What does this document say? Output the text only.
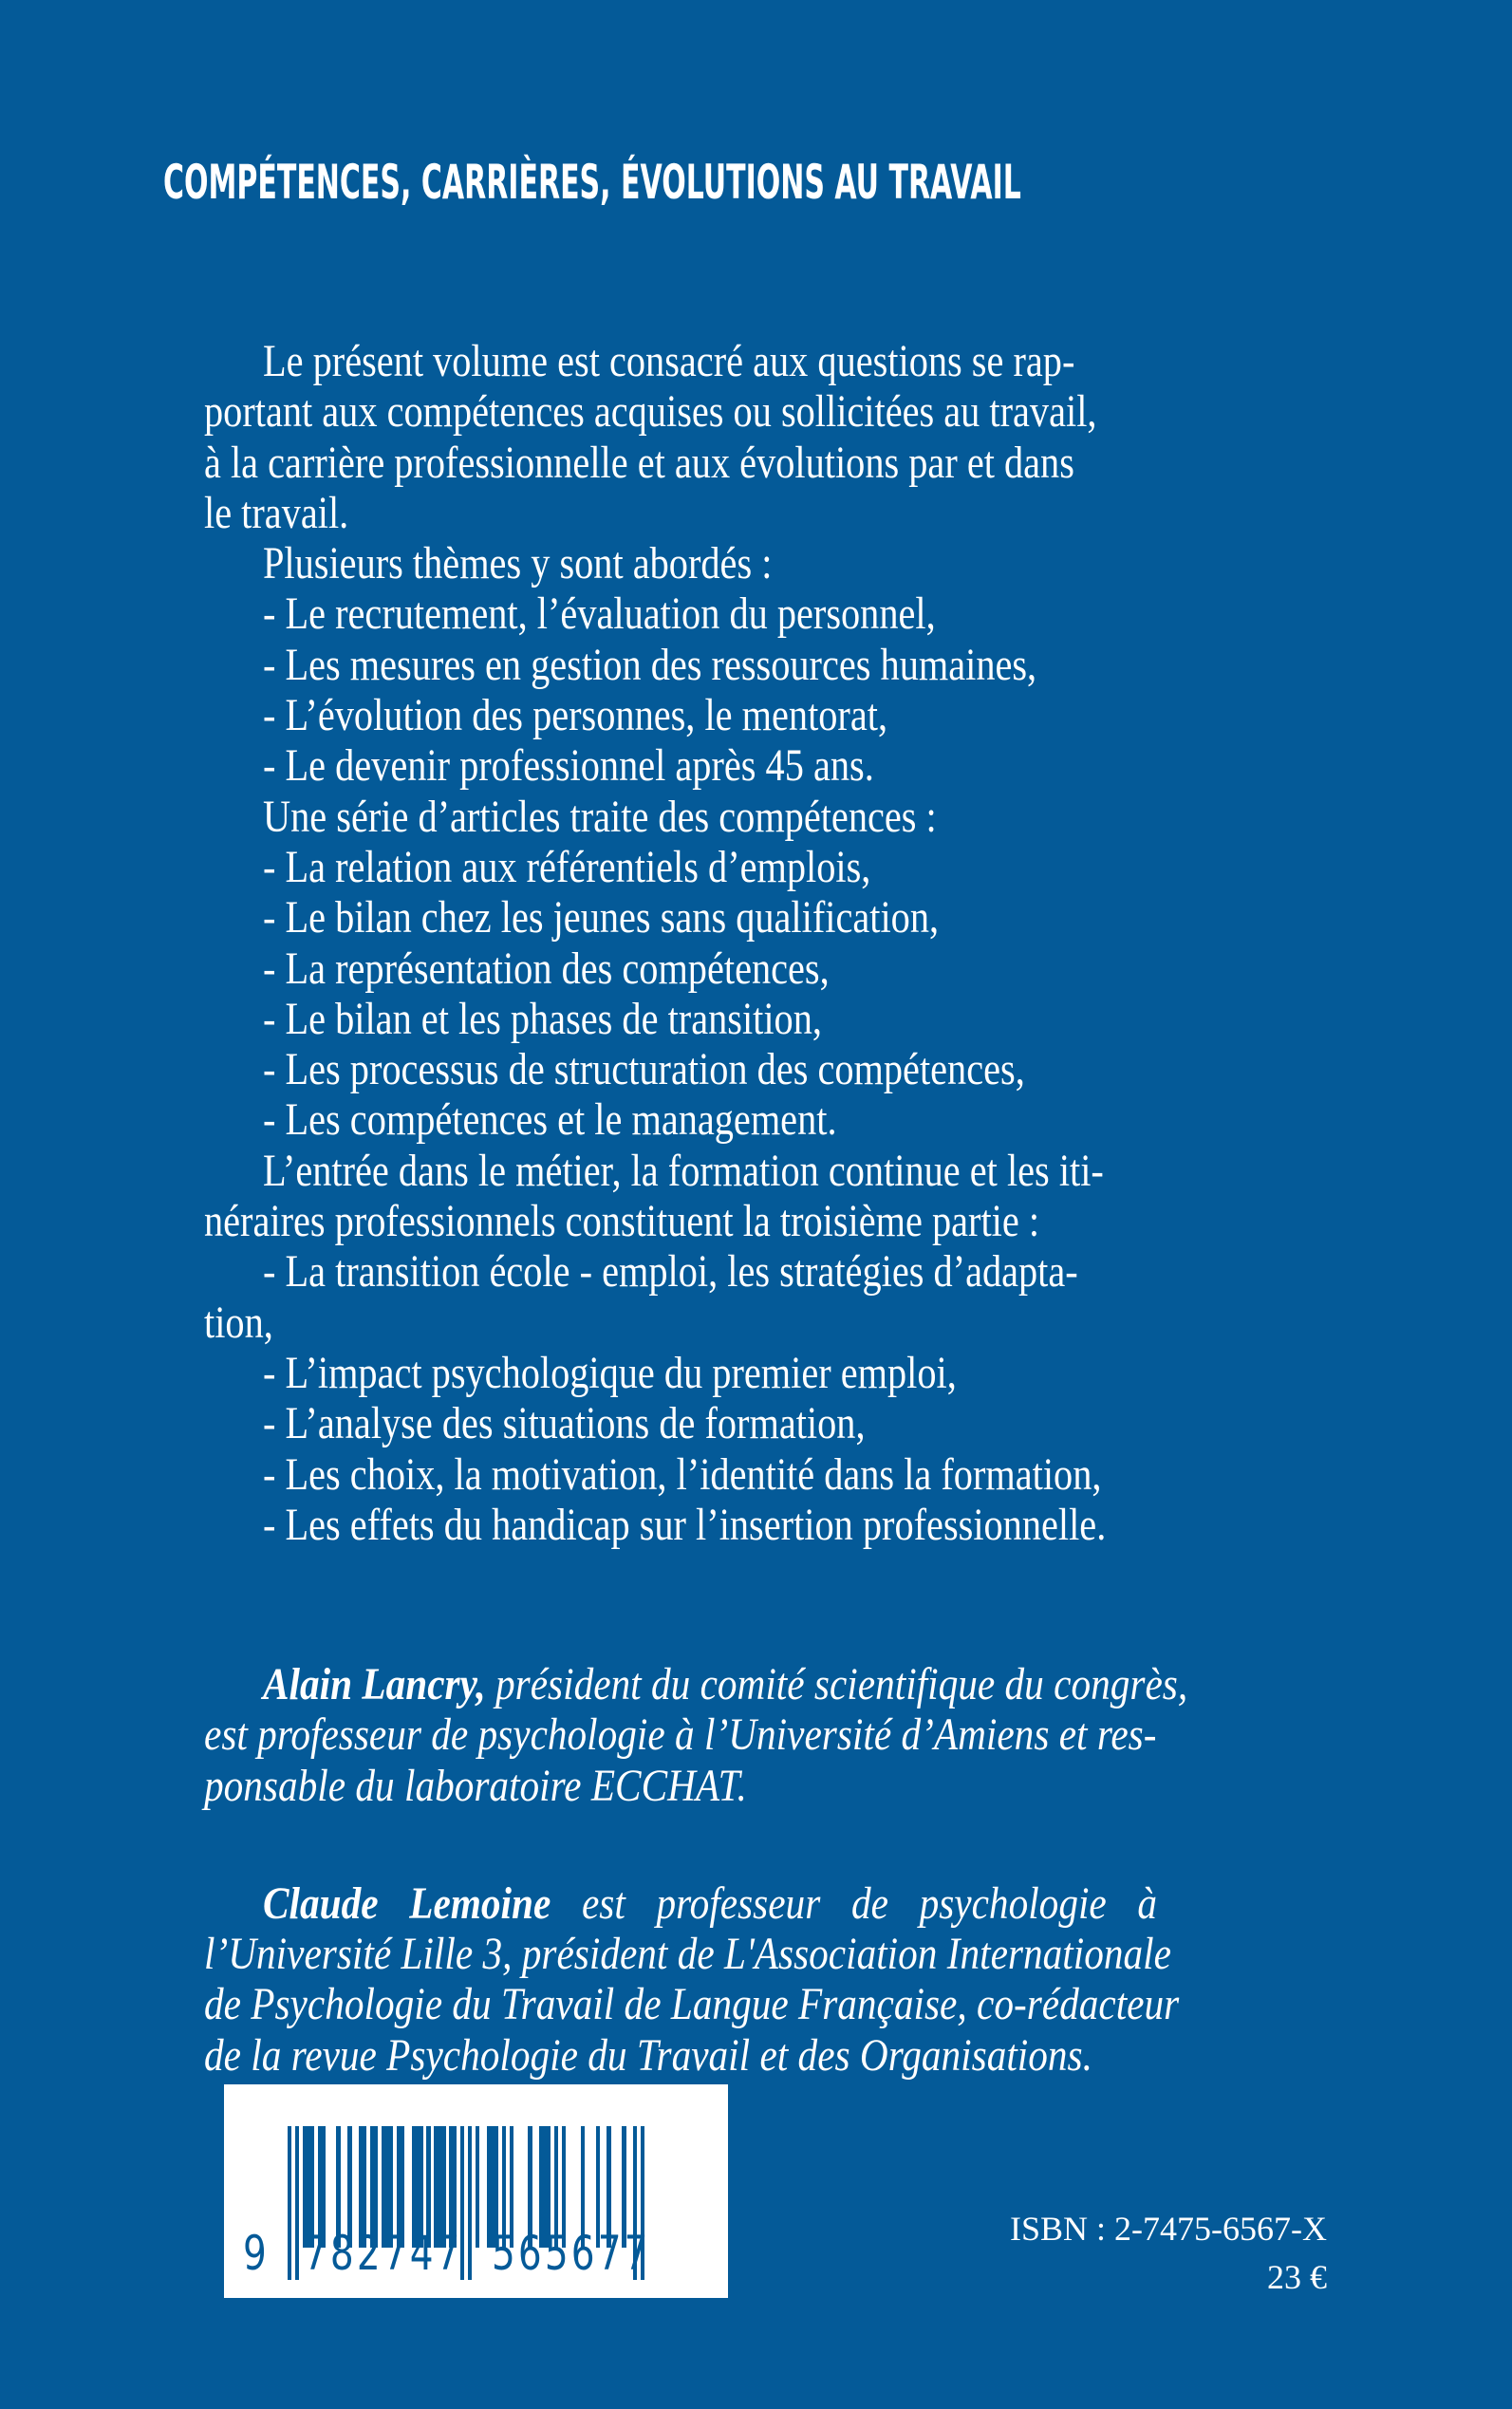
COMPÉTENCES, CARRIÈRES, ÉVOLUTIONS AU TRAVAIL
Le présent volume est consacré aux questions se rap-
portant aux compétences acquises ou sollicitées au travail,
à la carrière professionnelle et aux évolutions par et dans
le travail.
Plusieurs thèmes y sont abordés :
- Le recrutement, l’évaluation du personnel,
- Les mesures en gestion des ressources humaines,
- L’évolution des personnes, le mentorat,
- Le devenir professionnel après 45 ans.
Une série d’articles traite des compétences :
- La relation aux référentiels d’emplois,
- Le bilan chez les jeunes sans qualification,
- La représentation des compétences,
- Le bilan et les phases de transition,
- Les processus de structuration des compétences,
- Les compétences et le management.
L’entrée dans le métier, la formation continue et les iti-
néraires professionnels constituent la troisième partie :
- La transition école - emploi, les stratégies d’adapta-
tion,
- L’impact psychologique du premier emploi,
- L’analyse des situations de formation,
- Les choix, la motivation, l’identité dans la formation,
- Les effets du handicap sur l’insertion professionnelle.
Alain Lancry, président du comité scientifique du congrès,
est professeur de psychologie à l’Université d’Amiens et res-
ponsable du laboratoire ECCHAT.
Claude Lemoine est professeur de psychologie à
l’Université Lille 3, président de L'Association Internationale
de Psychologie du Travail de Langue Française, co-rédacteur
de la revue Psychologie du Travail et des Organisations.
9 782747 565677	ISBN : 2-7475-6567-X
23 €
